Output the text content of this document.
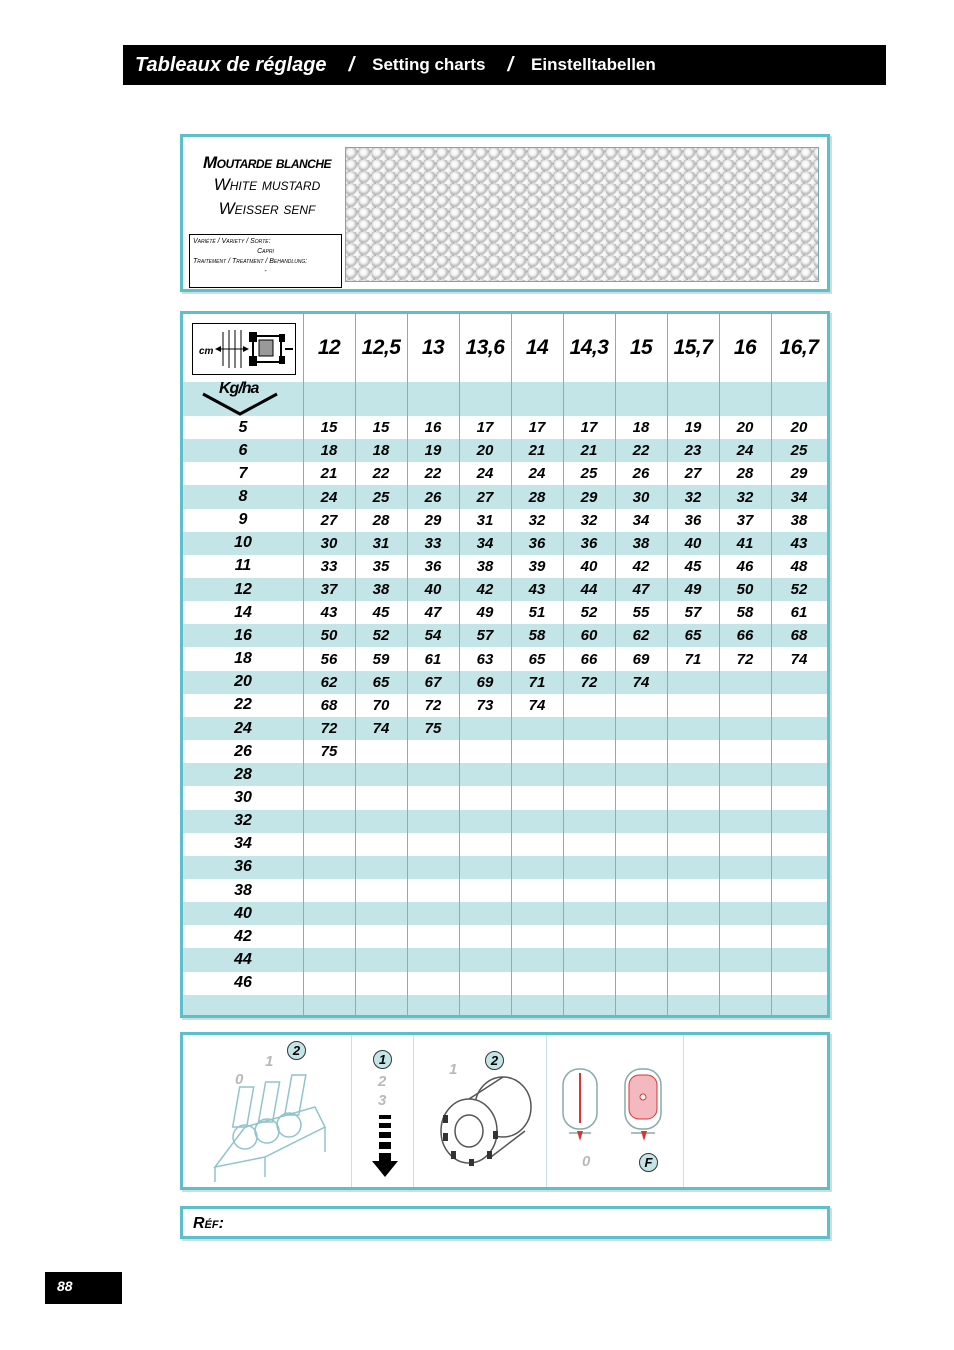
Tableaux de réglage / Setting charts / Einstelltabellen
Moutarde blanche
White mustard
Weißer senf
Variété / Variety / Sorte:
Capri
Traitement / Treatment / Behandlung:
-
12	12,5	13	13,6	14	14,3	15	15,7	16	16,7
cm
Kg/ha
5	15	15	16	17	17	17	18	19	20	20
6	18	18	19	20	21	21	22	23	24	25
7	21	22	22	24	24	25	26	27	28	29
8	24	25	26	27	28	29	30	32	32	34
9	27	28	29	31	32	32	34	36	37	38
10	30	31	33	34	36	36	38	40	41	43
11	33	35	36	38	39	40	42	45	46	48
12	37	38	40	42	43	44	47	49	50	52
14	43	45	47	49	51	52	55	57	58	61
16	50	52	54	57	58	60	62	65	66	68
18	56	59	61	63	65	66	69	71	72	74
20	62	65	67	69	71	72	74
22	68	70	72	73	74
24	72	74	75
26	75
28
30
32
34
36
38
40
42
44
46
0
1
2
1
2
3
1
2
0	F
Réf:
88
